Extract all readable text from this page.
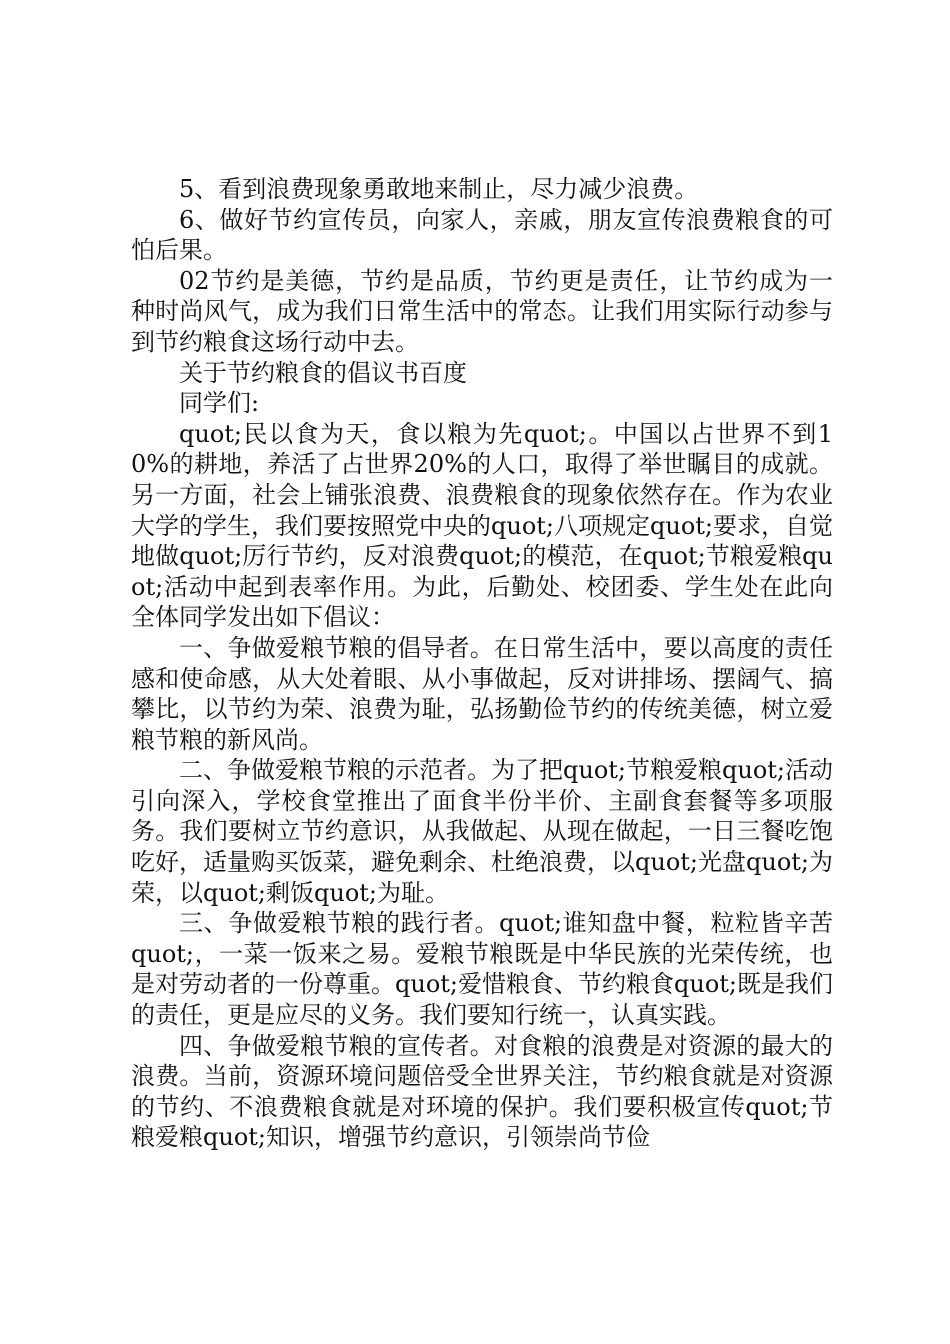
5、看到浪费现象勇敢地来制止，尽力减少浪费。

6、做好节约宣传员，向家人，亲戚，朋友宣传浪费粮食的可怕后果。

02节约是美德，节约是品质，节约更是责任，让节约成为一种时尚风气，成为我们日常生活中的常态。让我们用实际行动参与到节约粮食这场行动中去。

关于节约粮食的倡议书百度

同学们:

quot;民以食为天，食以粮为先quot;。中国以占世界不到10%的耕地，养活了占世界20%的人口，取得了举世瞩目的成就。另一方面，社会上铺张浪费、浪费粮食的现象依然存在。作为农业大学的学生，我们要按照党中央的quot;八项规定quot;要求，自觉地做quot;厉行节约，反对浪费quot;的模范，在quot;节粮爱粮quot;活动中起到表率作用。为此，后勤处、校团委、学生处在此向全体同学发出如下倡议：

一、争做爱粮节粮的倡导者。在日常生活中，要以高度的责任感和使命感，从大处着眼、从小事做起，反对讲排场、摆阔气、搞攀比，以节约为荣、浪费为耻，弘扬勤俭节约的传统美德，树立爱粮节粮的新风尚。

二、争做爱粮节粮的示范者。为了把quot;节粮爱粮quot;活动引向深入，学校食堂推出了面食半份半价、主副食套餐等多项服务。我们要树立节约意识，从我做起、从现在做起，一日三餐吃饱吃好，适量购买饭菜，避免剩余、杜绝浪费，以quot;光盘quot;为荣，以quot;剩饭quot;为耻。

三、争做爱粮节粮的践行者。quot;谁知盘中餐，粒粒皆辛苦quot;，一菜一饭来之易。爱粮节粮既是中华民族的光荣传统，也是对劳动者的一份尊重。quot;爱惜粮食、节约粮食quot;既是我们的责任，更是应尽的义务。我们要知行统一，认真实践。

四、争做爱粮节粮的宣传者。对食粮的浪费是对资源的最大的浪费。当前，资源环境问题倍受全世界关注，节约粮食就是对资源的节约、不浪费粮食就是对环境的保护。我们要积极宣传quot;节粮爱粮quot;知识，增强节约意识，引领崇尚节俭
